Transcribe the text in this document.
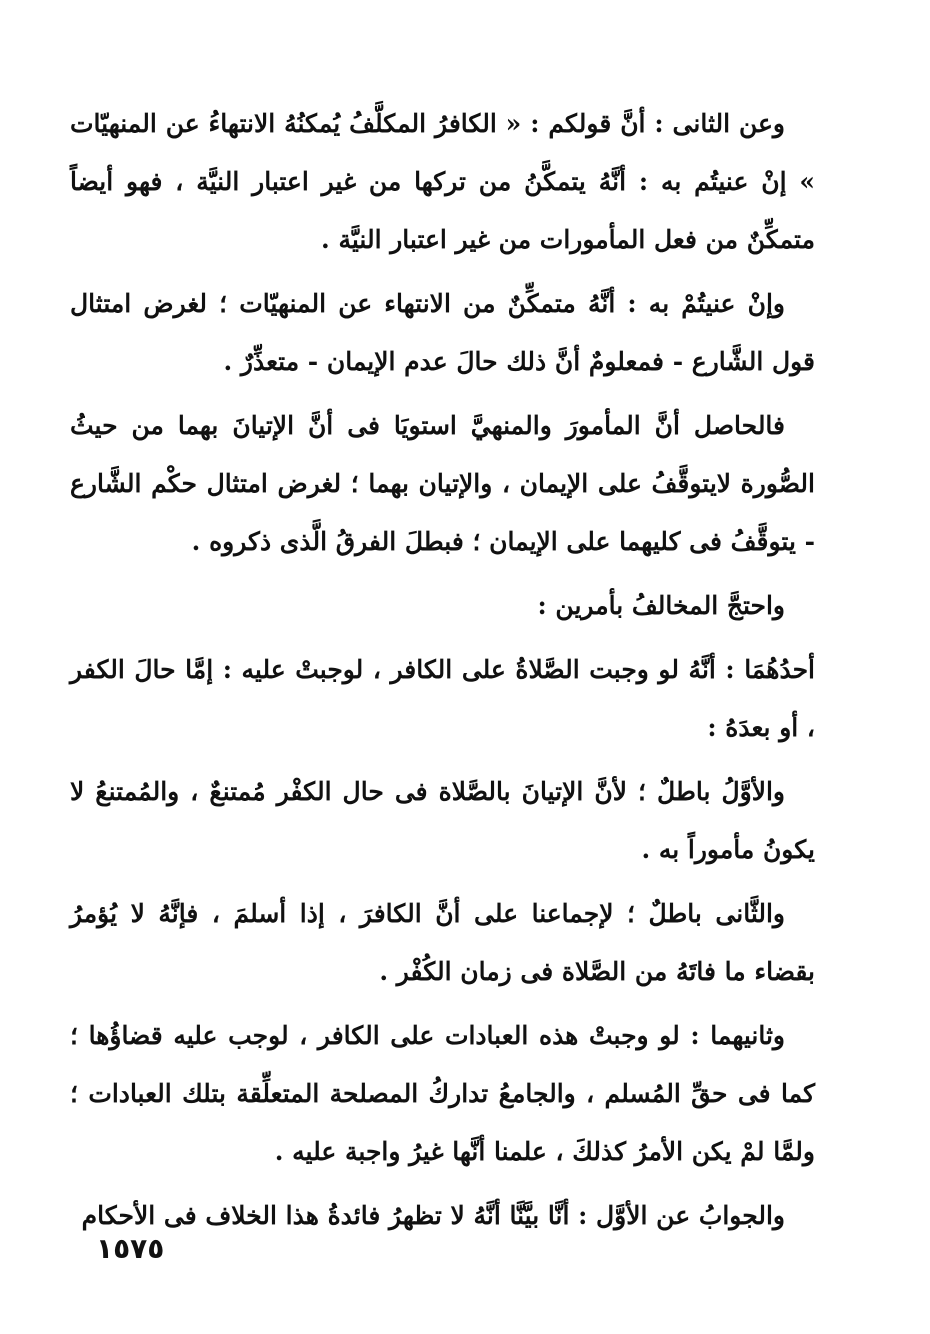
وعن الثانى : أنَّ قولكم : « الكافرُ المكلَّفُ يُمكنُهُ الانتهاءُ عن المنهيّات » إنْ عنيتُم به : أنَّهُ يتمكَّنُ من تركها من غير اعتبار النيَّة ، فهو أيضاً متمكِّنٌ من فعل المأمورات من غير اعتبار النيَّة .

وإنْ عنيتُمْ به : أنَّهُ متمكِّنٌ من الانتهاء عن المنهيّات ؛ لغرض امتثال قول الشَّارع - فمعلومٌ أنَّ ذلك حالَ عدم الإيمان - متعذِّرٌ .

فالحاصل أنَّ المأمورَ والمنهيَّ استويَا فى أنَّ الإتيانَ بهما من حيثُ الصُّورة لايتوقَّفُ على الإيمان ، والإتيان بهما ؛ لغرض امتثال حكْم الشَّارع - يتوقَّفُ فى كليهما على الإيمان ؛ فبطلَ الفرقُ الَّذى ذكروه .

واحتجَّ المخالفُ بأمرين :

أحدُهُمَا : أنَّهُ لو وجبت الصَّلاةُ على الكافر ، لوجبتْ عليه : إمَّا حالَ الكفر ، أو بعدَهُ :

والأوَّلُ باطلٌ ؛ لأنَّ الإتيانَ بالصَّلاة فى حال الكفْر مُمتنعٌ ، والمُمتنعُ لا يكونُ مأموراً به .

والثَّانى باطلٌ ؛ لإجماعنا على أنَّ الكافرَ ، إذا أسلمَ ، فإنَّهُ لا يُؤمرُ بقضاء ما فاتَهُ من الصَّلاة فى زمان الكُفْر .

وثانيهما : لو وجبتْ هذه العبادات على الكافر ، لوجب عليه قضاؤُها ؛ كما فى حقِّ المُسلم ، والجامعُ تداركُ المصلحة المتعلِّقة بتلك العبادات ؛ ولمَّا لمْ يكن الأمرُ كذلكَ ، علمنا أنَّها غيرُ واجبة عليه .

والجوابُ عن الأوَّل : أنَّا بيَّنَّا أنَّهُ لا تظهرُ فائدةُ هذا الخلاف فى الأحكام

١٥٧٥
